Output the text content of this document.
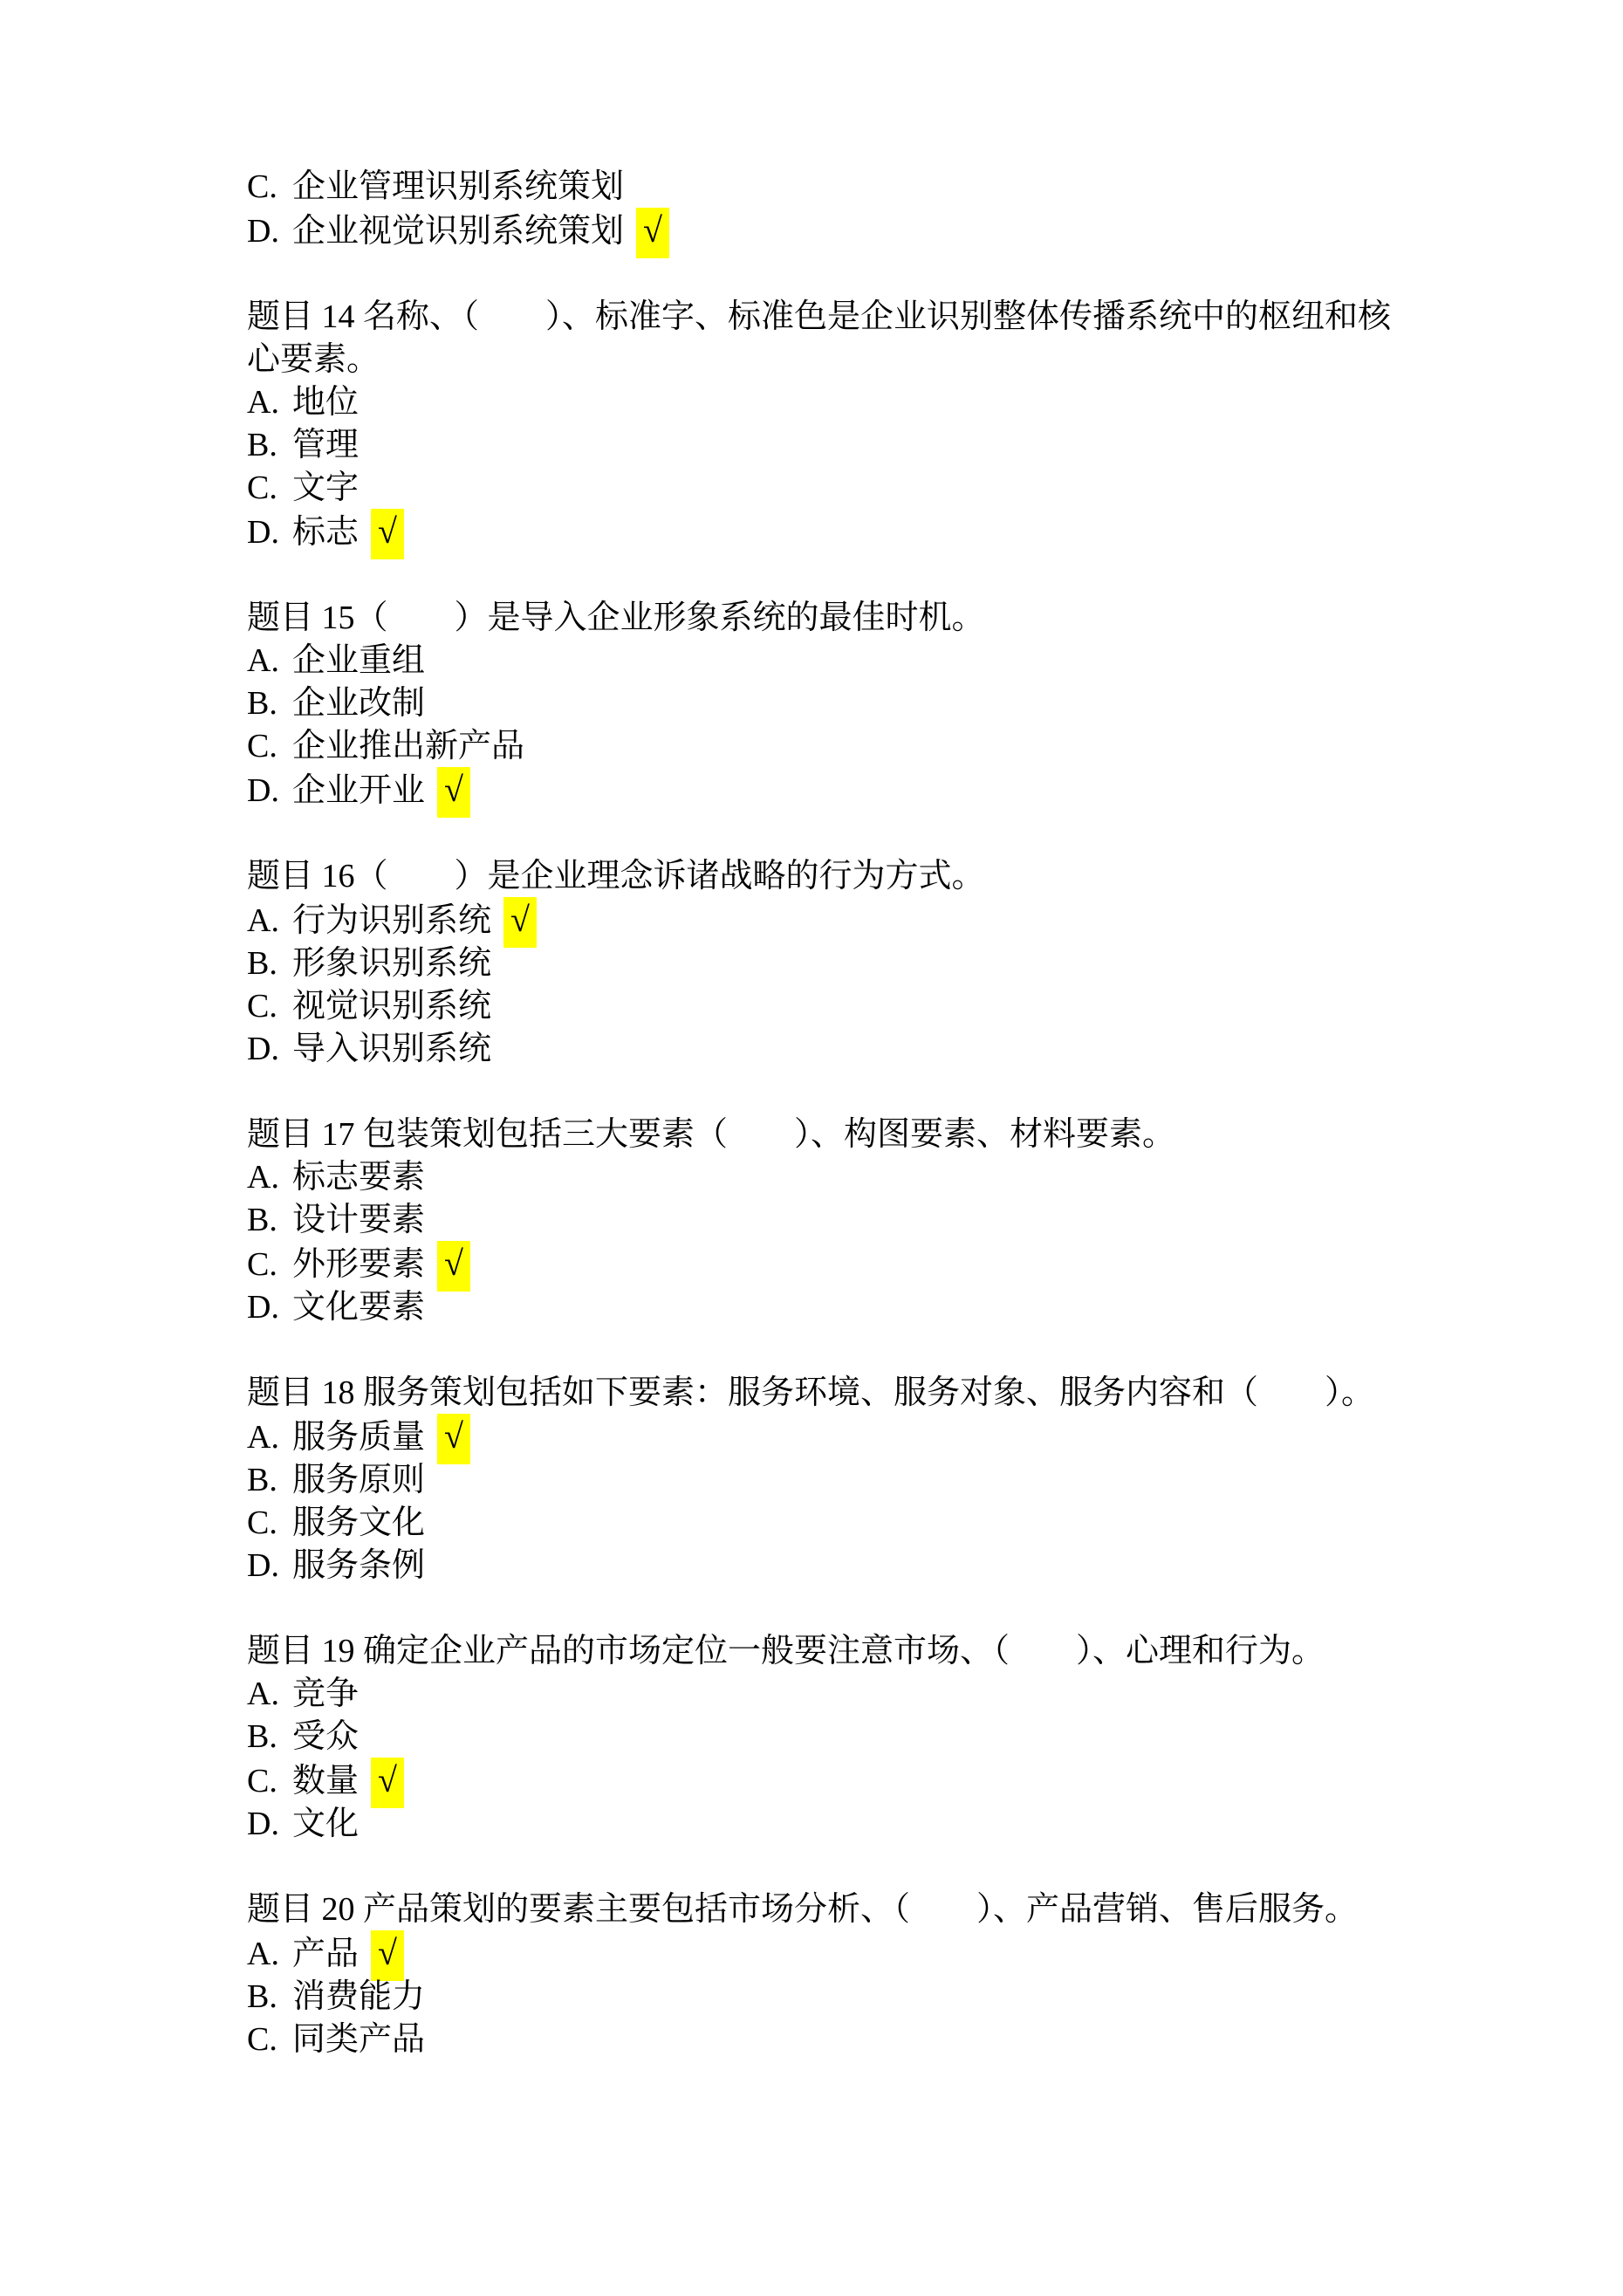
C. 企业管理识别系统策划

D. 企业视觉识别系统策划 √

题目 14 名称、（　　）、标准字、标准色是企业识别整体传播系统中的枢纽和核心要素。

A. 地位

B. 管理

C. 文字

D. 标志 √

题目 15（　　）是导入企业形象系统的最佳时机。

A. 企业重组

B. 企业改制

C. 企业推出新产品

D. 企业开业 √

题目 16（　　）是企业理念诉诸战略的行为方式。

A. 行为识别系统 √

B. 形象识别系统

C. 视觉识别系统

D. 导入识别系统

题目 17 包装策划包括三大要素（　　）、构图要素、材料要素。

A. 标志要素

B. 设计要素

C. 外形要素 √

D. 文化要素

题目 18 服务策划包括如下要素：服务环境、服务对象、服务内容和（　　）。

A. 服务质量 √

B. 服务原则

C. 服务文化

D. 服务条例

题目 19 确定企业产品的市场定位一般要注意市场、（　　）、心理和行为。

A. 竞争

B. 受众

C. 数量 √

D. 文化

题目 20 产品策划的要素主要包括市场分析、（　　）、产品营销、售后服务。

A. 产品 √

B. 消费能力

C. 同类产品
